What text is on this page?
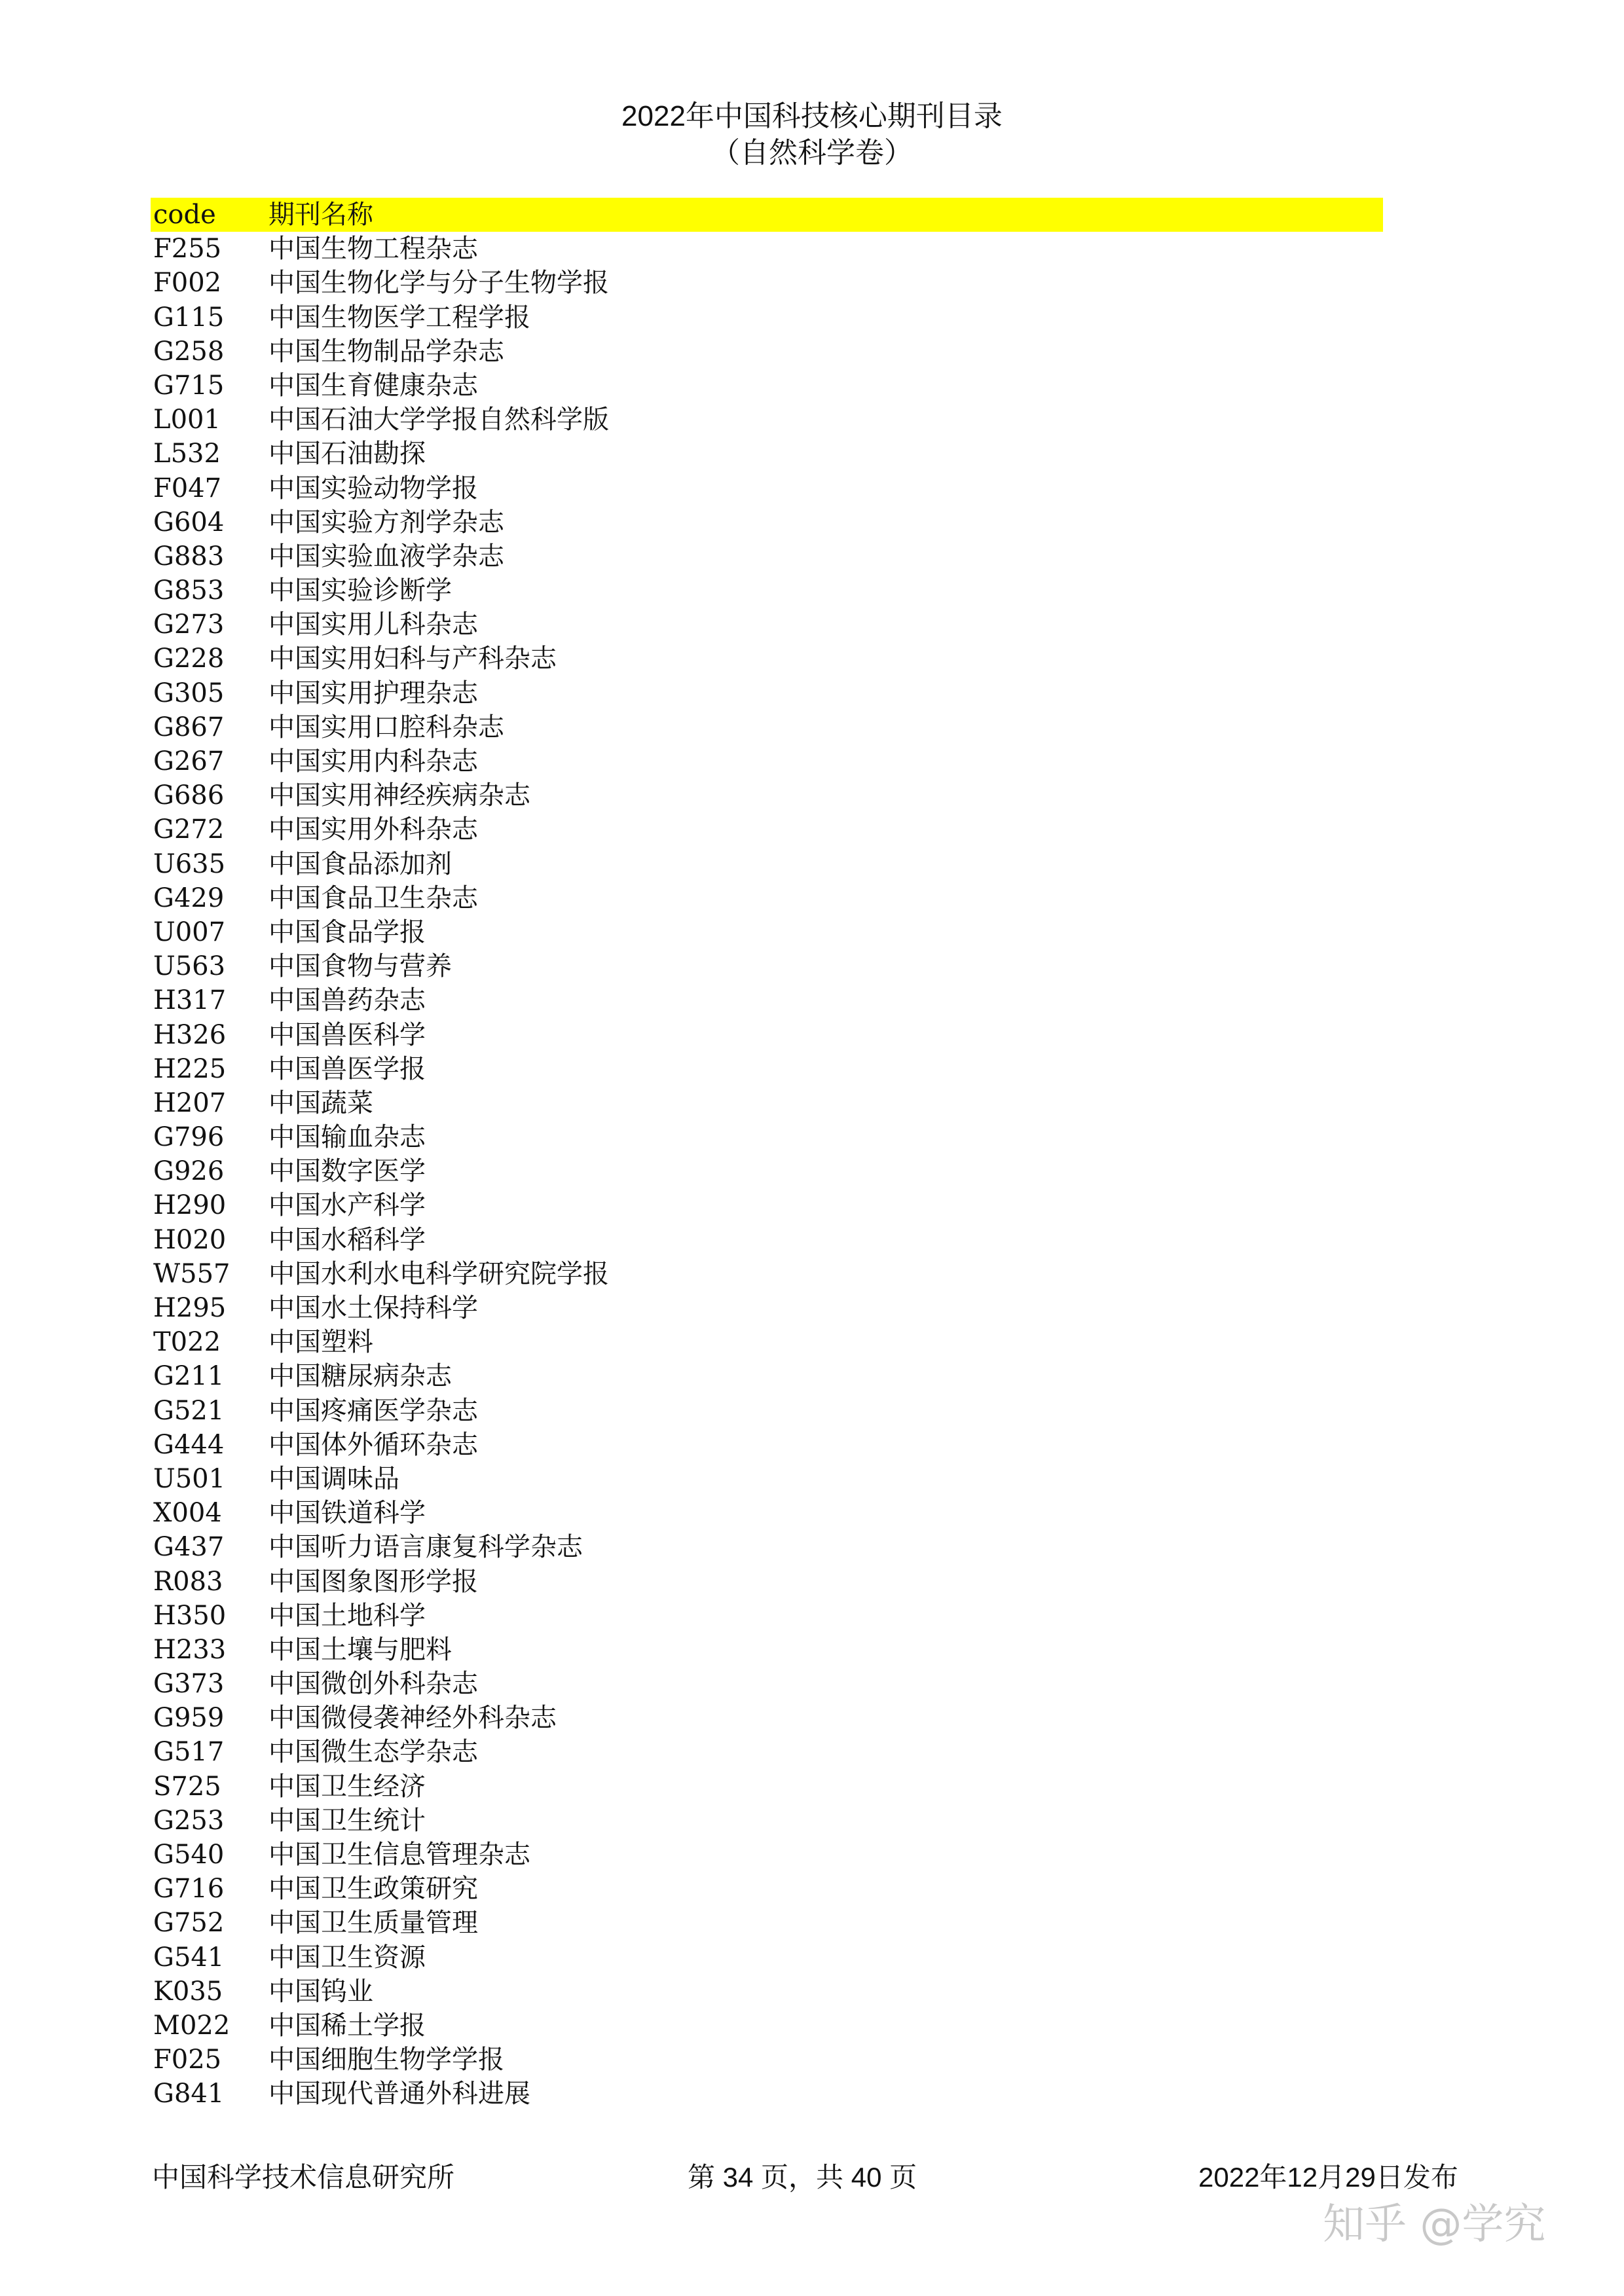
2022年中国科技核心期刊目录
（自然科学卷）
code 期刊名称
F255 中国生物工程杂志
F002 中国生物化学与分子生物学报
G115 中国生物医学工程学报
G258 中国生物制品学杂志
G715 中国生育健康杂志
L001 中国石油大学学报自然科学版
L532 中国石油勘探
F047 中国实验动物学报
G604 中国实验方剂学杂志
G883 中国实验血液学杂志
G853 中国实验诊断学
G273 中国实用儿科杂志
G228 中国实用妇科与产科杂志
G305 中国实用护理杂志
G867 中国实用口腔科杂志
G267 中国实用内科杂志
G686 中国实用神经疾病杂志
G272 中国实用外科杂志
U635 中国食品添加剂
G429 中国食品卫生杂志
U007 中国食品学报
U563 中国食物与营养
H317 中国兽药杂志
H326 中国兽医科学
H225 中国兽医学报
H207 中国蔬菜
G796 中国输血杂志
G926 中国数字医学
H290 中国水产科学
H020 中国水稻科学
W557 中国水利水电科学研究院学报
H295 中国水土保持科学
T022 中国塑料
G211 中国糖尿病杂志
G521 中国疼痛医学杂志
G444 中国体外循环杂志
U501 中国调味品
X004 中国铁道科学
G437 中国听力语言康复科学杂志
R083 中国图象图形学报
H350 中国土地科学
H233 中国土壤与肥料
G373 中国微创外科杂志
G959 中国微侵袭神经外科杂志
G517 中国微生态学杂志
S725 中国卫生经济
G253 中国卫生统计
G540 中国卫生信息管理杂志
G716 中国卫生政策研究
G752 中国卫生质量管理
G541 中国卫生资源
K035 中国钨业
M022 中国稀土学报
F025 中国细胞生物学学报
G841 中国现代普通外科进展
中国科学技术信息研究所	第 34 页，共 40 页	2022年12月29日发布
知乎 @学究
